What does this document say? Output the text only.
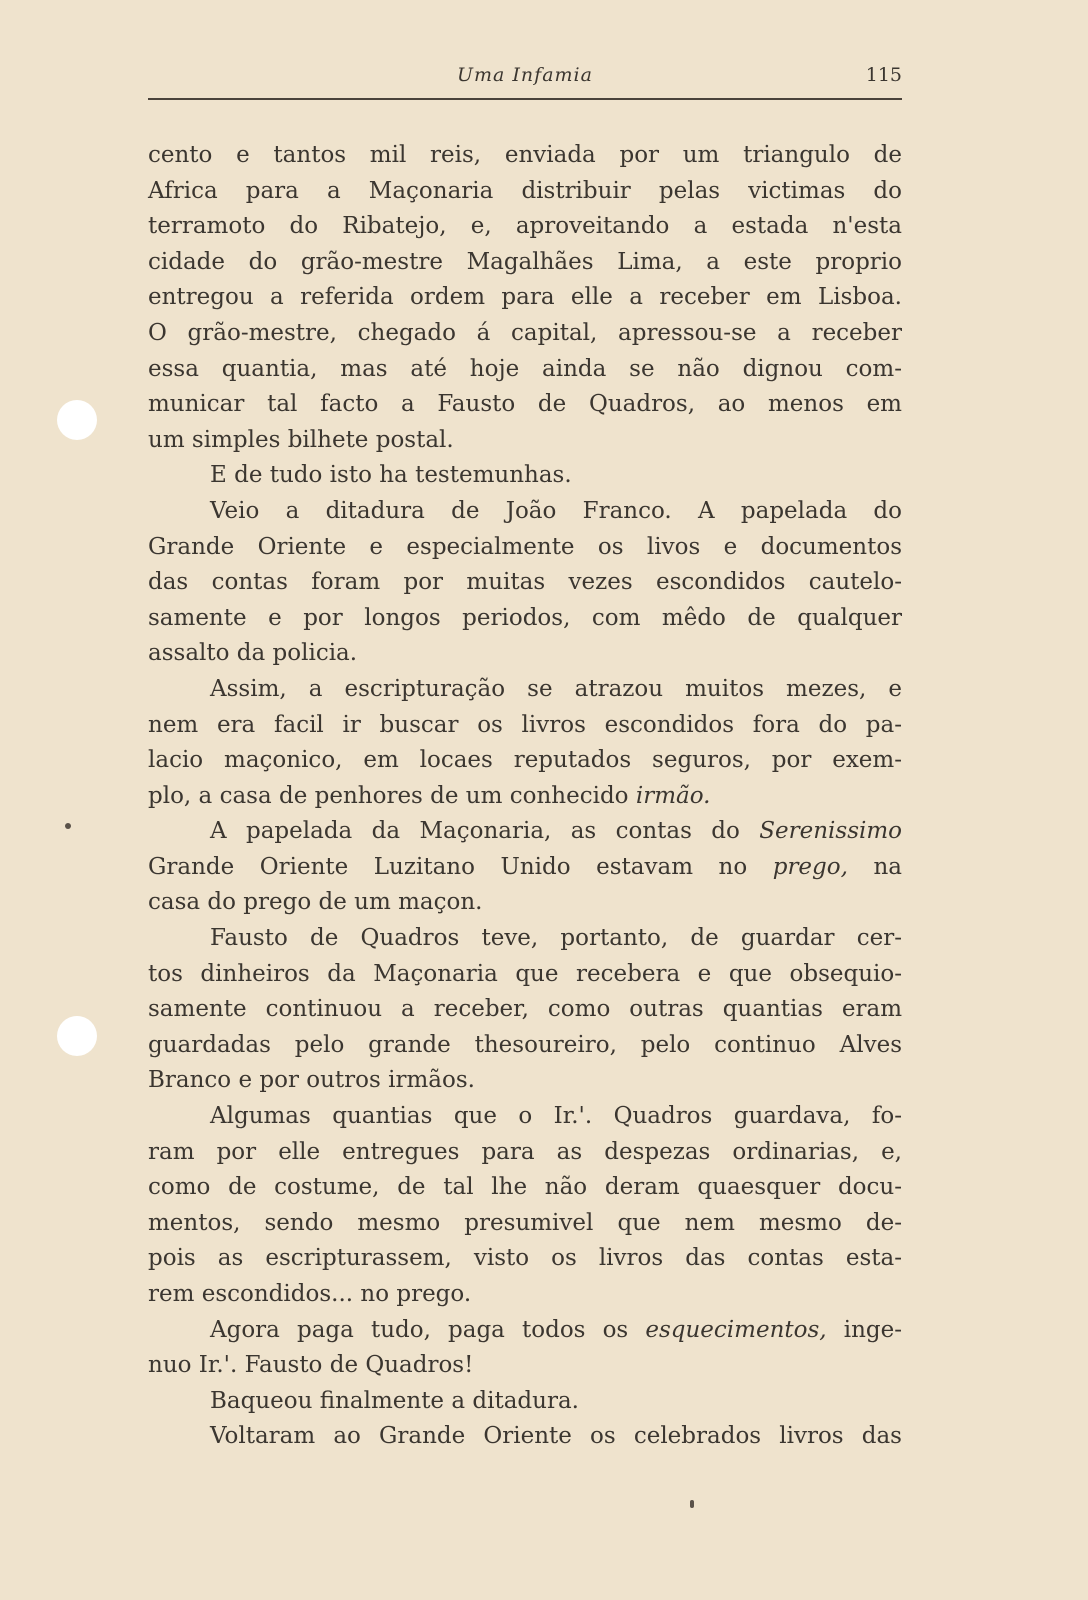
Uma Infamia	115
cento e tantos mil reis, enviada por um triangulo de
Africa para a Maçonaria distribuir pelas victimas do
terramoto do Ribatejo, e, aproveitando a estada n'esta
cidade do grão-mestre Magalhães Lima, a este proprio
entregou a referida ordem para elle a receber em Lisboa.
O grão-mestre, chegado á capital, apressou-se a receber
essa quantia, mas até hoje ainda se não dignou com-
municar tal facto a Fausto de Quadros, ao menos em
um simples bilhete postal.
E de tudo isto ha testemunhas.
Veio a ditadura de João Franco. A papelada do
Grande Oriente e especialmente os livos e documentos
das contas foram por muitas vezes escondidos cautelo-
samente e por longos periodos, com mêdo de qualquer
assalto da policia.
Assim, a escripturação se atrazou muitos mezes, e
nem era facil ir buscar os livros escondidos fora do pa-
lacio maçonico, em locaes reputados seguros, por exem-
plo, a casa de penhores de um conhecido irmão.
A papelada da Maçonaria, as contas do Serenissimo
Grande Oriente Luzitano Unido estavam no prego, na
casa do prego de um maçon.
Fausto de Quadros teve, portanto, de guardar cer-
tos dinheiros da Maçonaria que recebera e que obsequio-
samente continuou a receber, como outras quantias eram
guardadas pelo grande thesoureiro, pelo continuo Alves
Branco e por outros irmãos.
Algumas quantias que o Ir.'. Quadros guardava, fo-
ram por elle entregues para as despezas ordinarias, e,
como de costume, de tal lhe não deram quaesquer docu-
mentos, sendo mesmo presumivel que nem mesmo de-
pois as escripturassem, visto os livros das contas esta-
rem escondidos... no prego.
Agora paga tudo, paga todos os esquecimentos, inge-
nuo Ir.'. Fausto de Quadros!
Baqueou finalmente a ditadura.
Voltaram ao Grande Oriente os celebrados livros das
